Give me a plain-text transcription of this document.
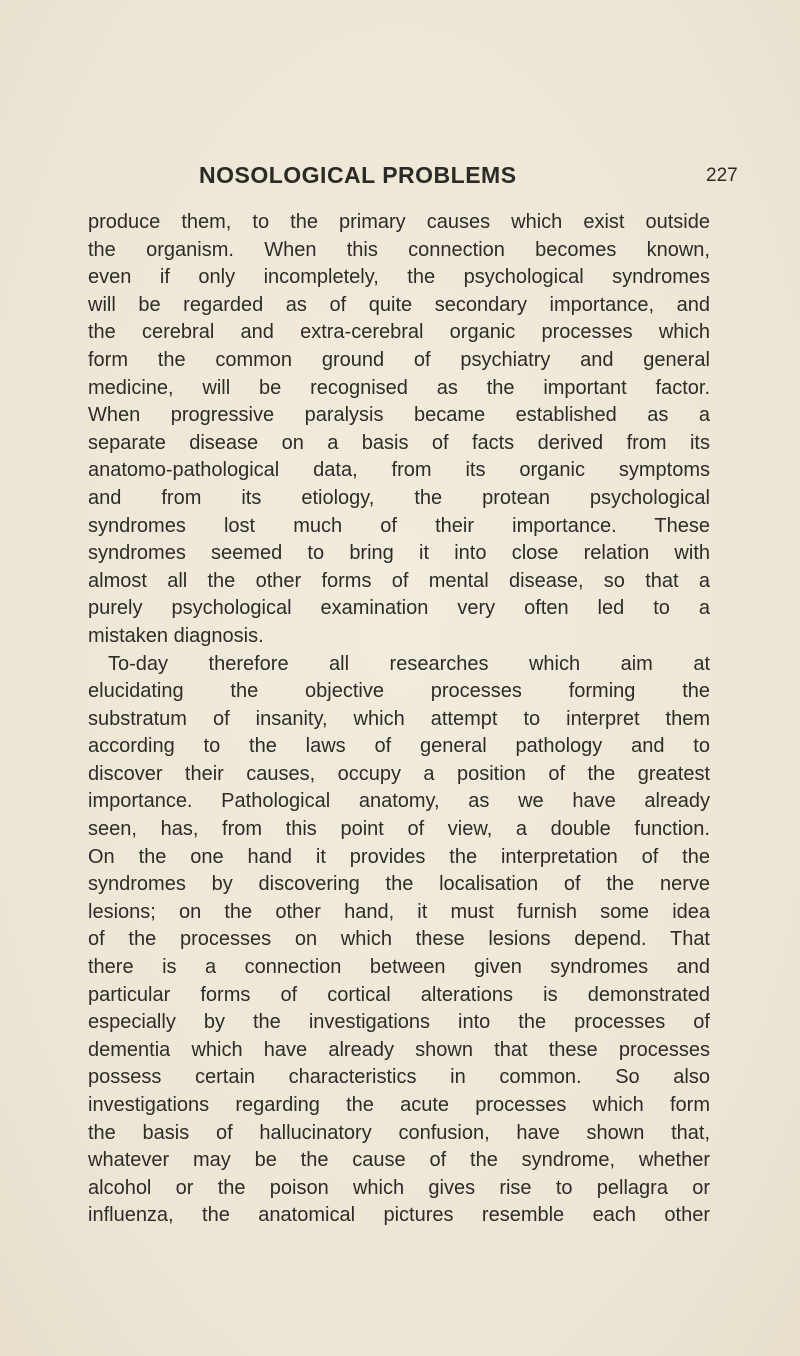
NOSOLOGICAL PROBLEMS	227
produce them, to the primary causes which exist outside
the organism. When this connection becomes known,
even if only incompletely, the psychological syndromes
will be regarded as of quite secondary importance, and
the cerebral and extra-cerebral organic processes which
form the common ground of psychiatry and general
medicine, will be recognised as the important factor.
When progressive paralysis became established as a
separate disease on a basis of facts derived from its
anatomo-pathological data, from its organic symptoms
and from its etiology, the protean psychological
syndromes lost much of their importance. These
syndromes seemed to bring it into close relation with
almost all the other forms of mental disease, so that a
purely psychological examination very often led to a
mistaken diagnosis.
To-day therefore all researches which aim at
elucidating the objective processes forming the
substratum of insanity, which attempt to interpret them
according to the laws of general pathology and to
discover their causes, occupy a position of the greatest
importance. Pathological anatomy, as we have already
seen, has, from this point of view, a double function.
On the one hand it provides the interpretation of the
syndromes by discovering the localisation of the nerve
lesions; on the other hand, it must furnish some idea
of the processes on which these lesions depend. That
there is a connection between given syndromes and
particular forms of cortical alterations is demonstrated
especially by the investigations into the processes of
dementia which have already shown that these processes
possess certain characteristics in common. So also
investigations regarding the acute processes which form
the basis of hallucinatory confusion, have shown that,
whatever may be the cause of the syndrome, whether
alcohol or the poison which gives rise to pellagra or
influenza, the anatomical pictures resemble each other
